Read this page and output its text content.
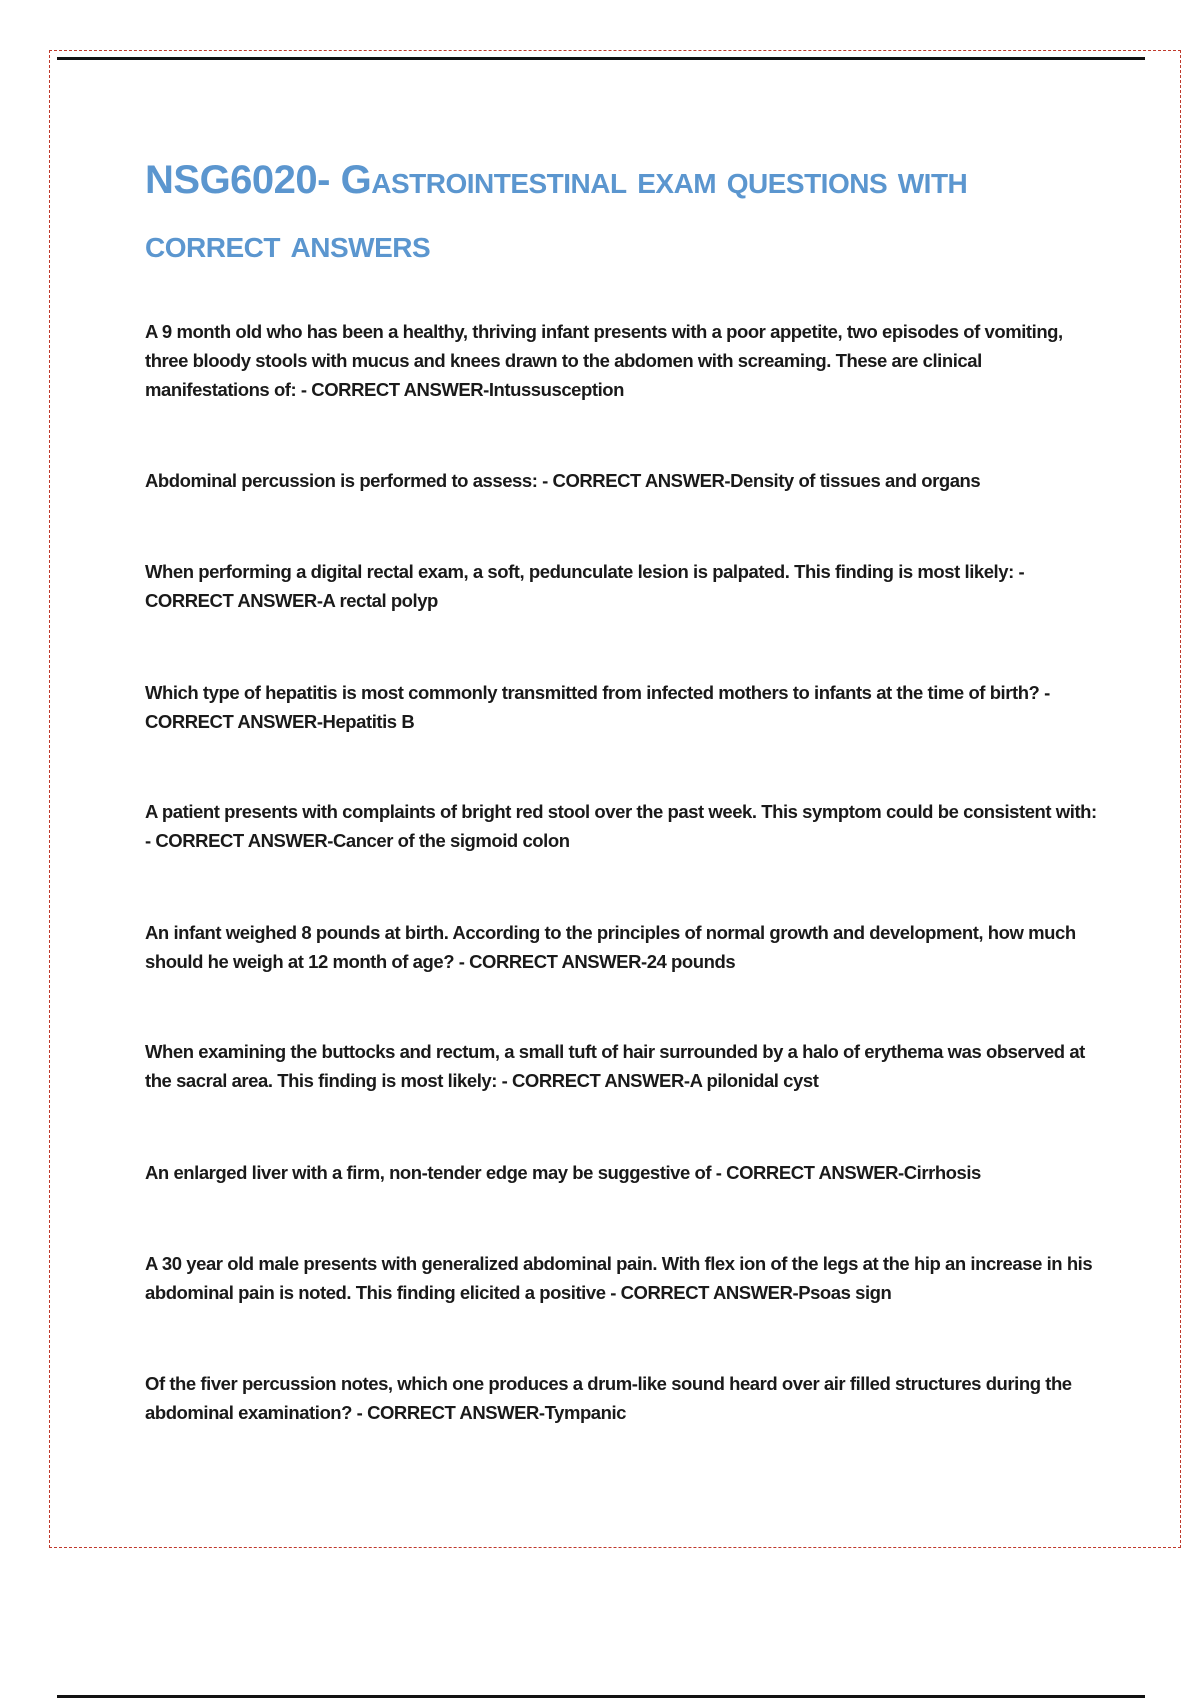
NSG6020- Gastrointestinal exam questions with correct answers
A 9 month old who has been a healthy, thriving infant presents with a poor appetite, two episodes of vomiting, three bloody stools with mucus and knees drawn to the abdomen with screaming. These are clinical manifestations of: - CORRECT ANSWER-Intussusception
Abdominal percussion is performed to assess: - CORRECT ANSWER-Density of tissues and organs
When performing a digital rectal exam, a soft, pedunculate lesion is palpated. This finding is most likely: - CORRECT ANSWER-A rectal polyp
Which type of hepatitis is most commonly transmitted from infected mothers to infants at the time of birth? - CORRECT ANSWER-Hepatitis B
A patient presents with complaints of bright red stool over the past week. This symptom could be consistent with: - CORRECT ANSWER-Cancer of the sigmoid colon
An infant weighed 8 pounds at birth. According to the principles of normal growth and development, how much should he weigh at 12 month of age? - CORRECT ANSWER-24 pounds
When examining the buttocks and rectum, a small tuft of hair surrounded by a halo of erythema was observed at the sacral area. This finding is most likely: - CORRECT ANSWER-A pilonidal cyst
An enlarged liver with a firm, non-tender edge may be suggestive of - CORRECT ANSWER-Cirrhosis
A 30 year old male presents with generalized abdominal pain. With flex ion of the legs at the hip an increase in his abdominal pain is noted. This finding elicited a positive - CORRECT ANSWER-Psoas sign
Of the fiver percussion notes, which one produces a drum-like sound heard over air filled structures during the abdominal examination? - CORRECT ANSWER-Tympanic
